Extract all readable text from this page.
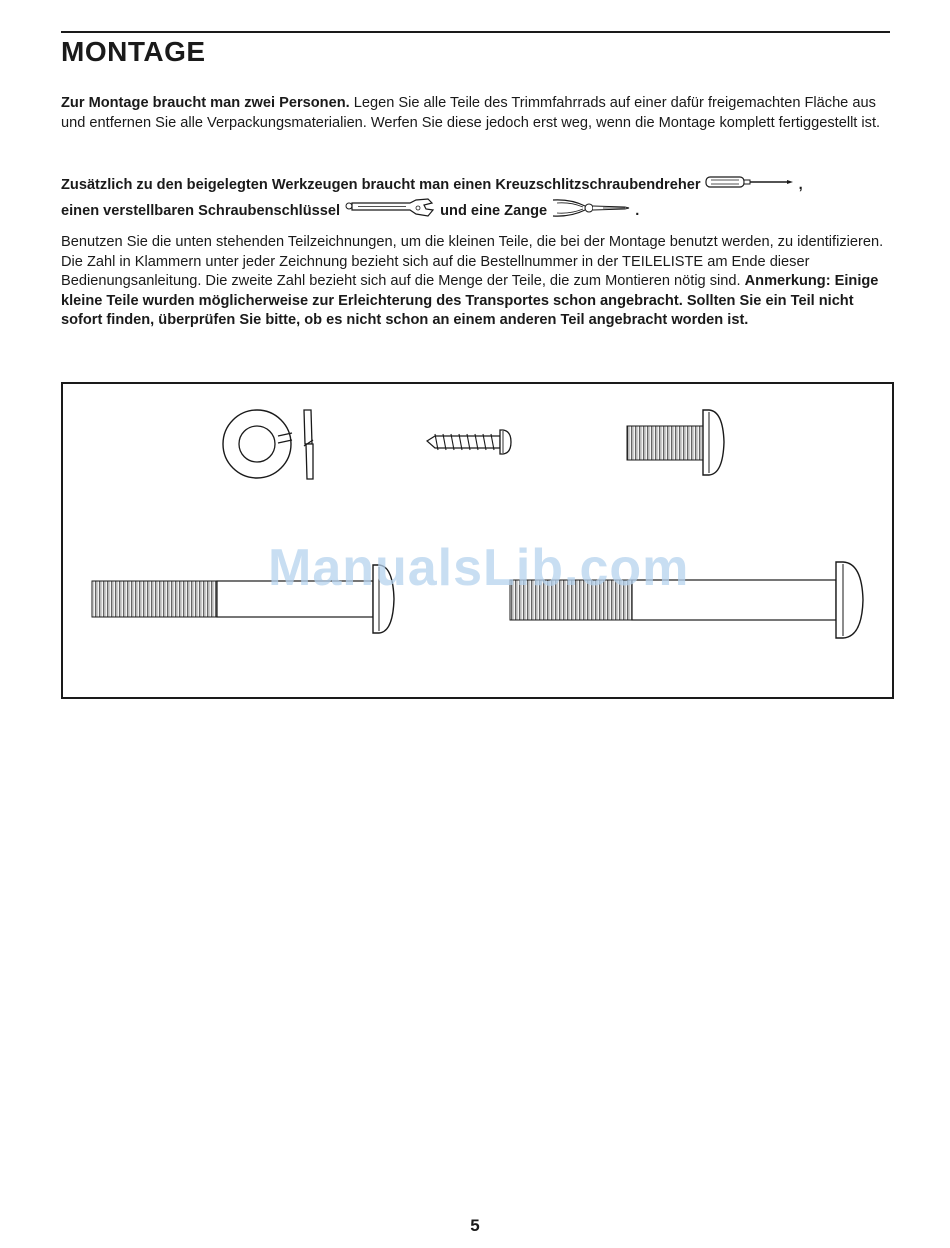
MONTAGE

Zur Montage braucht man zwei Personen. Legen Sie alle Teile des Trimmfahrrads auf einer dafür freigemachten Fläche aus und entfernen Sie alle Verpackungsmaterialien. Werfen Sie diese jedoch erst weg, wenn die Montage komplett fertiggestellt ist.

Zusätzlich zu den beigelegten Werkzeugen braucht man einen Kreuzschlitzschraubendreher	,
einen verstellbaren Schraubenschlüssel	und eine Zange	.

Benutzen Sie die unten stehenden Teilzeichnungen, um die kleinen Teile, die bei der Montage benutzt werden, zu identifizieren. Die Zahl in Klammern unter jeder Zeichnung bezieht sich auf die Bestellnummer in der TEILELISTE am Ende dieser Bedienungsanleitung. Die zweite Zahl bezieht sich auf die Menge der Teile, die zum Montieren nötig sind. Anmerkung: Einige kleine Teile wurden möglicherweise zur Erleichterung des Transportes schon angebracht. Sollten Sie ein Teil nicht sofort finden, überprüfen Sie bitte, ob es nicht schon an einem anderen Teil angebracht worden ist.

ManualsLib.com
5
